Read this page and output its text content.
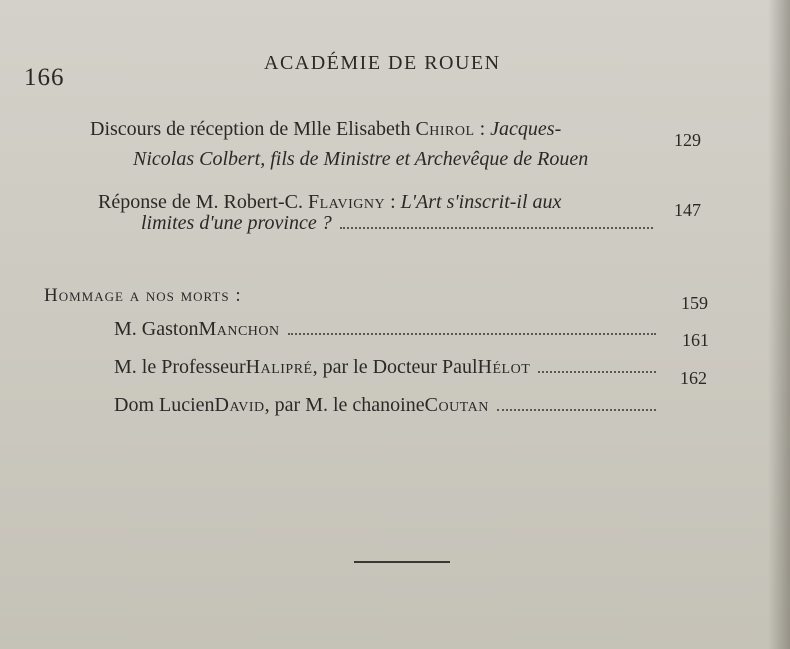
166
ACADÉMIE DE ROUEN
Discours de réception de Mlle Elisabeth Chirol : Jacques-
Nicolas Colbert, fils de Ministre et Archevêque de Rouen
129
Réponse de M. Robert-C. Flavigny : L'Art s'inscrit-il aux
limites d'une province ?
147
Hommage a nos morts :
M. Gaston Manchon
159
M. le Professeur Halipré , par le Docteur Paul Hélot
161
Dom Lucien David , par M. le chanoine Coutan
162
